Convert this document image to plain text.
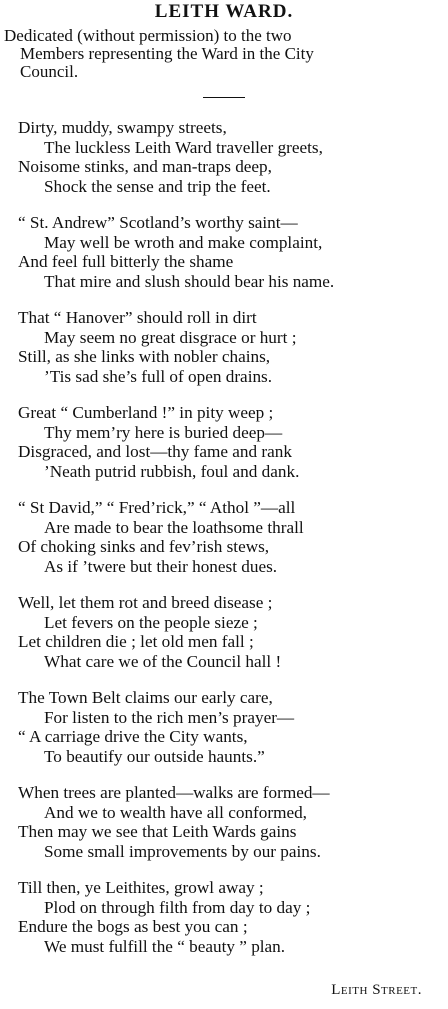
LEITH WARD.
Dedicated (without permission) to the two
Members representing the Ward in the City
Council.
Dirty, muddy, swampy streets,
The luckless Leith Ward traveller greets,
Noisome stinks, and man-traps deep,
Shock the sense and trip the feet.
“ St. Andrew” Scotland’s worthy saint—
May well be wroth and make complaint,
And feel full bitterly the shame
That mire and slush should bear his name.
That “ Hanover” should roll in dirt
May seem no great disgrace or hurt ;
Still, as she links with nobler chains,
’Tis sad she’s full of open drains.
Great “ Cumberland !” in pity weep ;
Thy mem’ry here is buried deep—
Disgraced, and lost—thy fame and rank
’Neath putrid rubbish, foul and dank.
“ St David,” “ Fred’rick,” “ Athol ”—all
Are made to bear the loathsome thrall
Of choking sinks and fev’rish stews,
As if ’twere but their honest dues.
Well, let them rot and breed disease ;
Let fevers on the people sieze ;
Let children die ; let old men fall ;
What care we of the Council hall !
The Town Belt claims our early care,
For listen to the rich men’s prayer—
“ A carriage drive the City wants,
To beautify our outside haunts.”
When trees are planted—walks are formed—
And we to wealth have all conformed,
Then may we see that Leith Wards gains
Some small improvements by our pains.
Till then, ye Leithites, growl away ;
Plod on through filth from day to day ;
Endure the bogs as best you can ;
We must fulfill the “ beauty ” plan.
Leith Street.
